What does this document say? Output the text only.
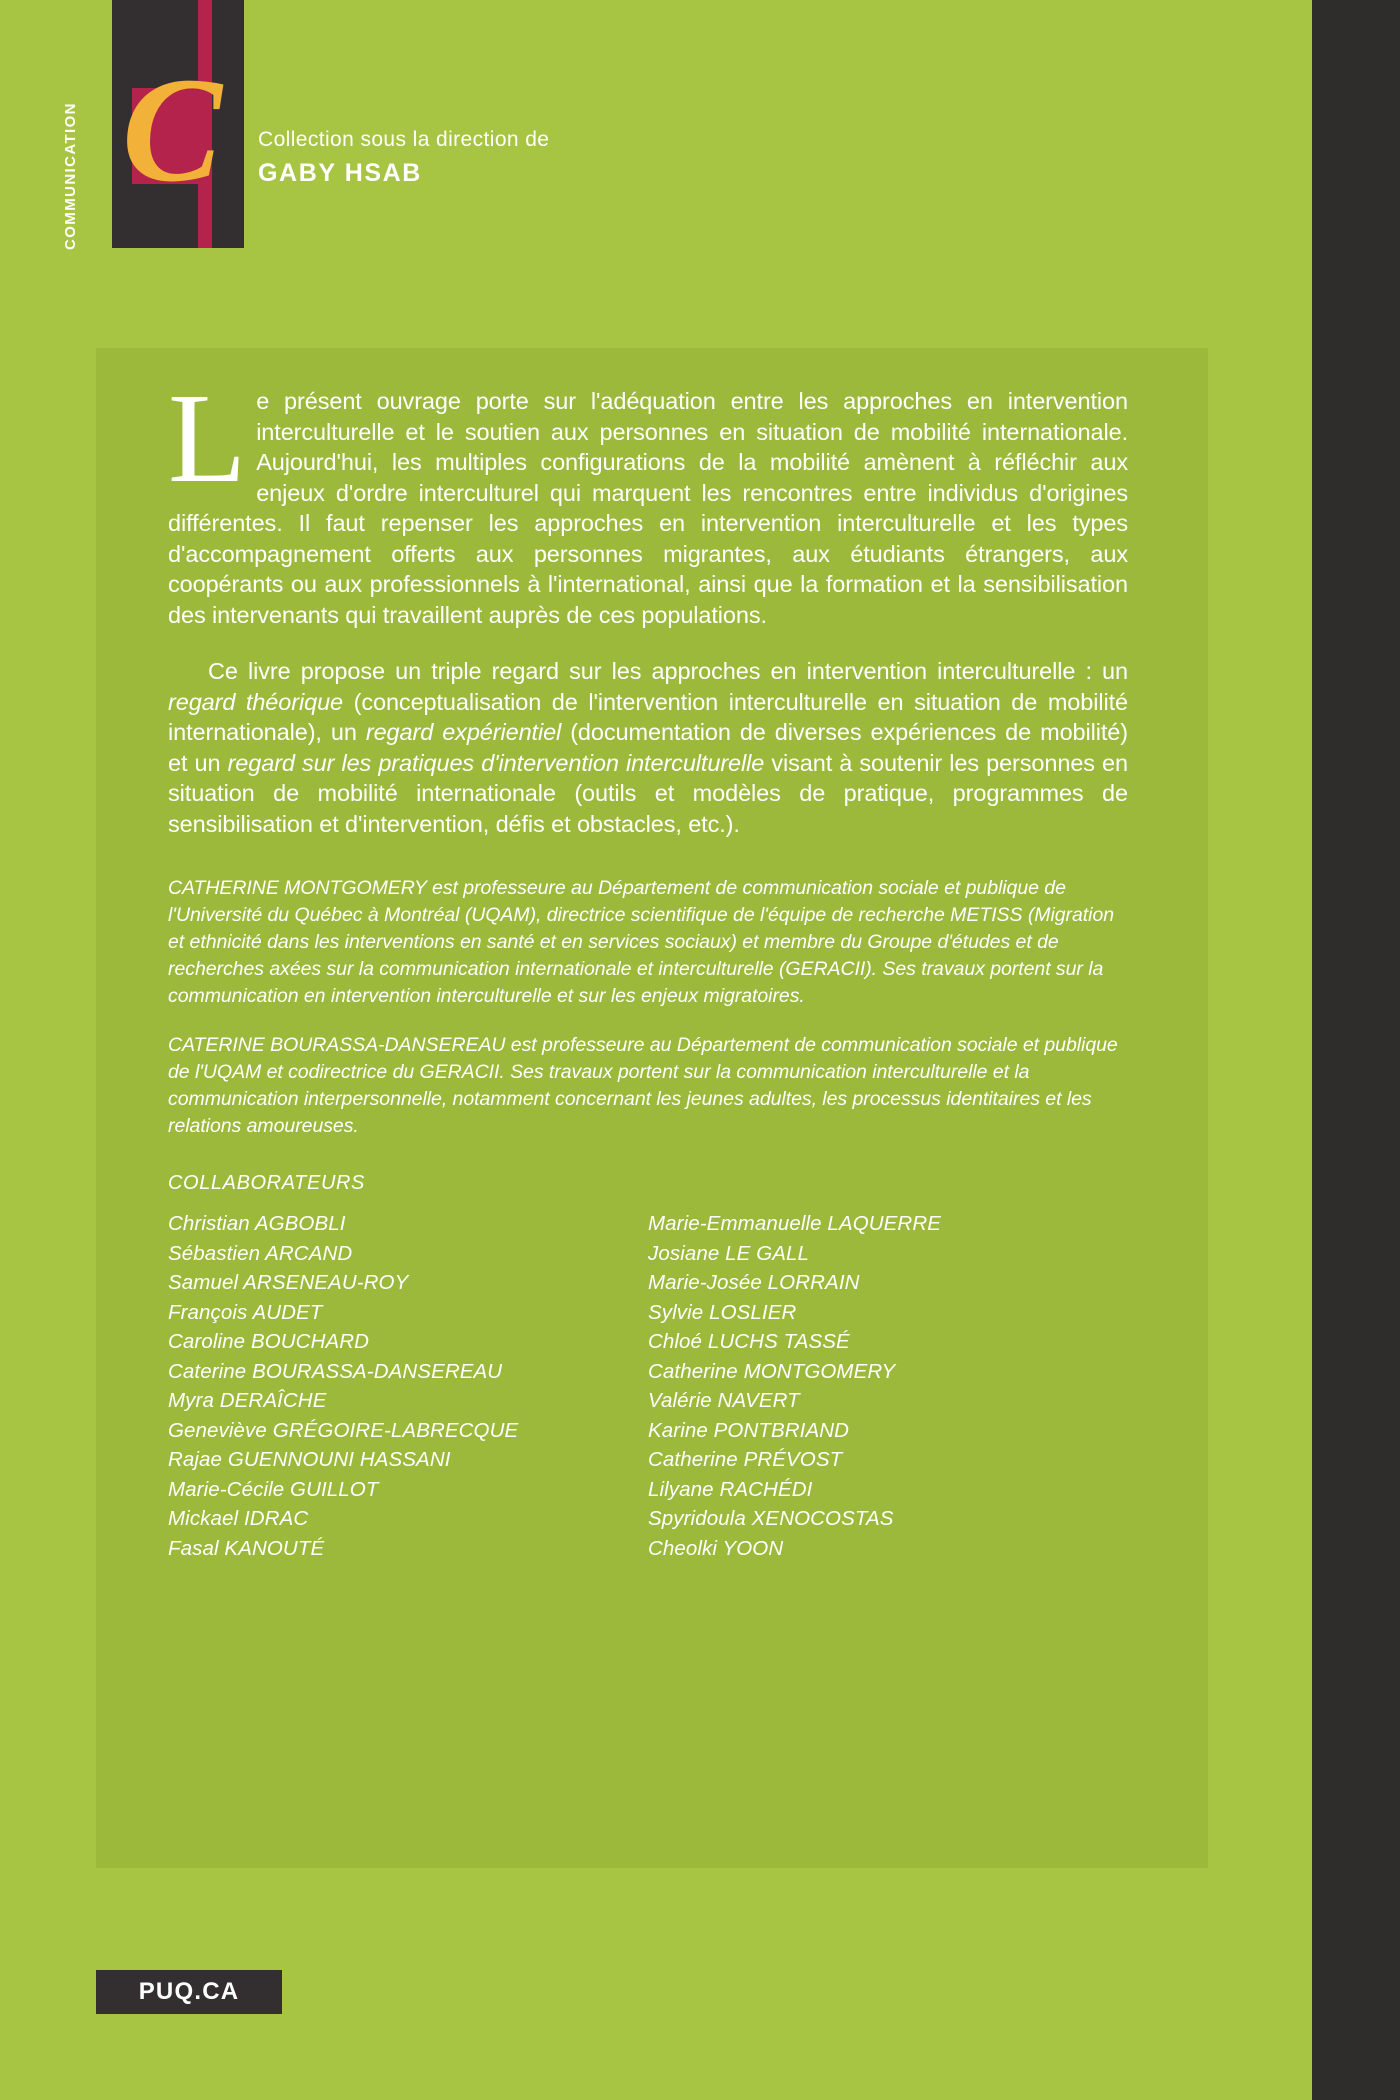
COMMUNICATION C Collection sous la direction de
GABY HSAB

Le présent ouvrage porte sur l'adéquation entre les approches en intervention interculturelle et le soutien aux personnes en situation de mobilité internationale. Aujourd'hui, les multiples configurations de la mobilité amènent à réfléchir aux enjeux d'ordre interculturel qui marquent les rencontres entre individus d'origines différentes. Il faut repenser les approches en intervention interculturelle et les types d'accompagnement offerts aux personnes migrantes, aux étudiants étrangers, aux coopérants ou aux professionnels à l'international, ainsi que la formation et la sensibilisation des intervenants qui travaillent auprès de ces populations.

Ce livre propose un triple regard sur les approches en intervention interculturelle : un regard théorique (conceptualisation de l'intervention interculturelle en situation de mobilité internationale), un regard expérientiel (documentation de diverses expériences de mobilité) et un regard sur les pratiques d'intervention interculturelle visant à soutenir les personnes en situation de mobilité internationale (outils et modèles de pratique, programmes de sensibilisation et d'intervention, défis et obstacles, etc.).

CATHERINE MONTGOMERY est professeure au Département de communication sociale et publique de l'Université du Québec à Montréal (UQAM), directrice scientifique de l'équipe de recherche METISS (Migration et ethnicité dans les interventions en santé et en services sociaux) et membre du Groupe d'études et de recherches axées sur la communication internationale et interculturelle (GERACII). Ses travaux portent sur la communication en intervention interculturelle et sur les enjeux migratoires.

CATERINE BOURASSA-DANSEREAU est professeure au Département de communication sociale et publique de l'UQAM et codirectrice du GERACII. Ses travaux portent sur la communication interculturelle et la communication interpersonnelle, notamment concernant les jeunes adultes, les processus identitaires et les relations amoureuses.

COLLABORATEURS
Christian AGBOBLI
Sébastien ARCAND
Samuel ARSENEAU-ROY
François AUDET
Caroline BOUCHARD
Caterine BOURASSA-DANSEREAU
Myra DERAÎCHE
Geneviève GRÉGOIRE-LABRECQUE
Rajae GUENNOUNI HASSANI
Marie-Cécile GUILLOT
Mickael IDRAC
Fasal KANOUTÉ
Marie-Emmanuelle LAQUERRE
Josiane LE GALL
Marie-Josée LORRAIN
Sylvie LOSLIER
Chloé LUCHS TASSÉ
Catherine MONTGOMERY
Valérie NAVERT
Karine PONTBRIAND
Catherine PRÉVOST
Lilyane RACHÉDI
Spyridoula XENOCOSTAS
Cheolki YOON
PUQ.CA
